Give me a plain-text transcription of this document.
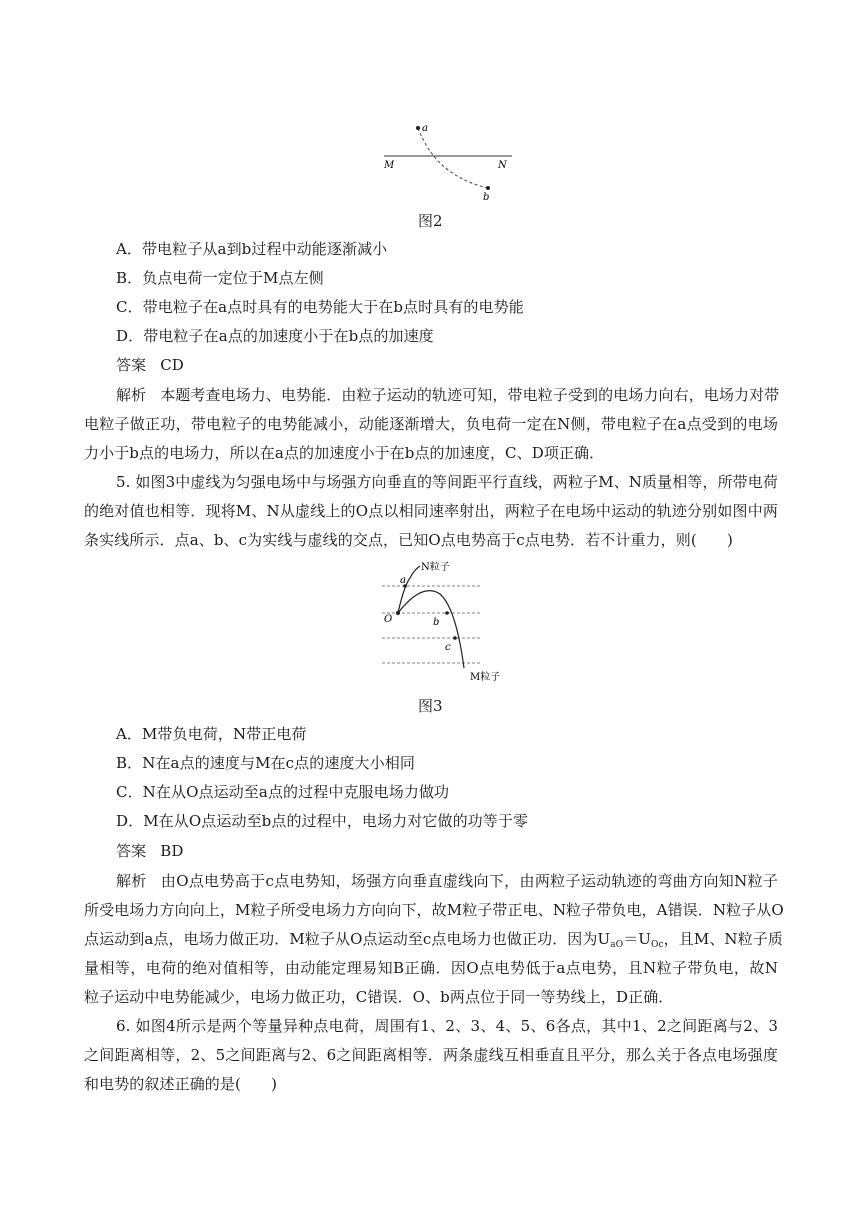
a
b
M	N
图2
A．带电粒子从a到b过程中动能逐渐减小
B．负点电荷一定位于M点左侧
C．带电粒子在a点时具有的电势能大于在b点时具有的电势能
D．带电粒子在a点的加速度小于在b点的加速度
答案 CD
解析 本题考查电场力、电势能．由粒子运动的轨迹可知，带电粒子受到的电场力向右，电场力对带
电粒子做正功，带电粒子的电势能减小，动能逐渐增大，负电荷一定在N侧，带电粒子在a点受到的电场
力小于b点的电场力，所以在a点的加速度小于在b点的加速度，C、D项正确．
5. 如图3中虚线为匀强电场中与场强方向垂直的等间距平行直线，两粒子M、N质量相等，所带电荷
的绝对值也相等．现将M、N从虚线上的O点以相同速率射出，两粒子在电场中运动的轨迹分别如图中两
条实线所示．点a、b、c为实线与虚线的交点，已知O点电势高于c点电势．若不计重力，则(　　)
O
a
b
c
N粒子
M粒子
图3
A．M带负电荷，N带正电荷
B．N在a点的速度与M在c点的速度大小相同
C．N在从O点运动至a点的过程中克服电场力做功
D．M在从O点运动至b点的过程中，电场力对它做的功等于零
答案 BD
解析 由O点电势高于c点电势知，场强方向垂直虚线向下，由两粒子运动轨迹的弯曲方向知N粒子
所受电场力方向向上，M粒子所受电场力方向向下，故M粒子带正电、N粒子带负电，A错误．N粒子从O
点运动到a点，电场力做正功．M粒子从O点运动至c点电场力也做正功．因为$U_{aO}=U_{Oc}$，且M、N粒子质
量相等，电荷的绝对值相等，由动能定理易知B正确．因O点电势低于a点电势，且N粒子带负电，故N
粒子运动中电势能减少，电场力做正功，C错误．O、b两点位于同一等势线上，D正确．
6. 如图4所示是两个等量异种点电荷，周围有1、2、3、4、5、6各点，其中1、2之间距离与2、3
之间距离相等，2、5之间距离与2、6之间距离相等．两条虚线互相垂直且平分，那么关于各点电场强度
和电势的叙述正确的是(　　)
